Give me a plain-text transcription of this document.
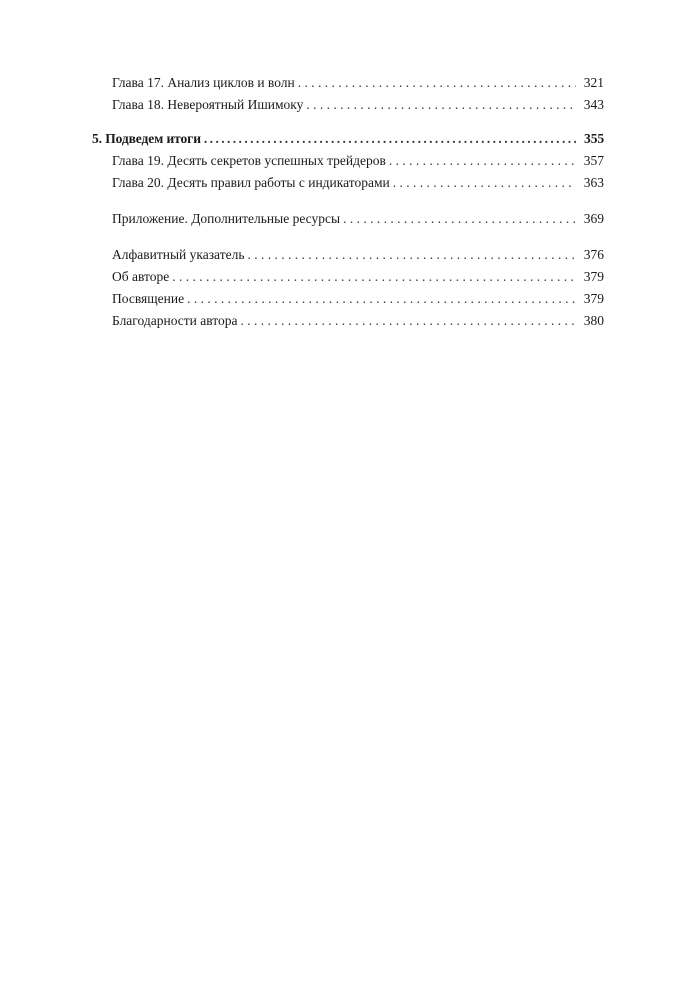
Глава 17. Анализ циклов и волн . . .	321
Глава 18. Невероятный Ишимоку . . .	343
5. Подведем итоги .....	355
Глава 19. Десять секретов успешных трейдеров . . .	357
Глава 20. Десять правил работы с индикаторами . . .	363
Приложение. Дополнительные ресурсы . . .	369
Алфавитный указатель . . .	376
Об авторе . . .	379
Посвящение . . .	379
Благодарности автора . . .	380
